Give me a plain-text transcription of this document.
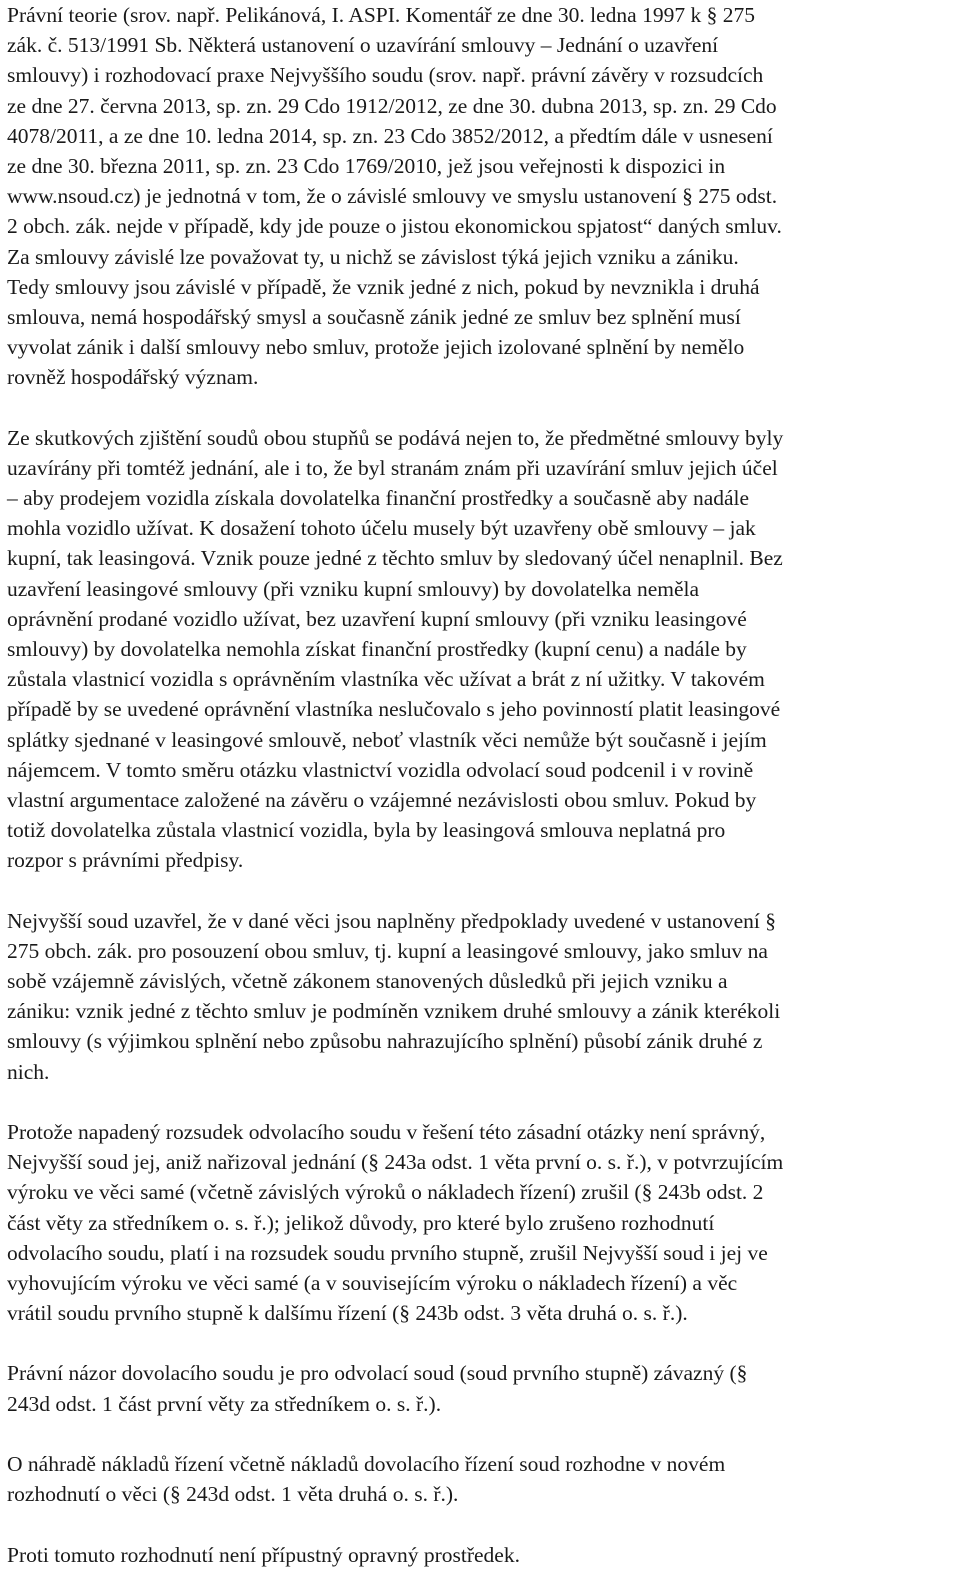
Právní teorie (srov. např. Pelikánová, I. ASPI. Komentář ze dne 30. ledna 1997 k § 275
zák. č. 513/1991 Sb. Některá ustanovení o uzavírání smlouvy – Jednání o uzavření
smlouvy) i rozhodovací praxe Nejvyššího soudu (srov. např. právní závěry v rozsudcích
ze dne 27. června 2013, sp. zn. 29 Cdo 1912/2012, ze dne 30. dubna 2013, sp. zn. 29 Cdo
4078/2011, a ze dne 10. ledna 2014, sp. zn. 23 Cdo 3852/2012, a předtím dále v usnesení
ze dne 30. března 2011, sp. zn. 23 Cdo 1769/2010, jež jsou veřejnosti k dispozici in
www.nsoud.cz) je jednotná v tom, že o závislé smlouvy ve smyslu ustanovení § 275 odst.
2 obch. zák. nejde v případě, kdy jde pouze o jistou ekonomickou spjatost“ daných smluv.
Za smlouvy závislé lze považovat ty, u nichž se závislost týká jejich vzniku a zániku.
Tedy smlouvy jsou závislé v případě, že vznik jedné z nich, pokud by nevznikla i druhá
smlouva, nemá hospodářský smysl a současně zánik jedné ze smluv bez splnění musí
vyvolat zánik i další smlouvy nebo smluv, protože jejich izolované splnění by nemělo
rovněž hospodářský význam.
Ze skutkových zjištění soudů obou stupňů se podává nejen to, že předmětné smlouvy byly
uzavírány při tomtéž jednání, ale i to, že byl stranám znám při uzavírání smluv jejich účel
– aby prodejem vozidla získala dovolatelka finanční prostředky a současně aby nadále
mohla vozidlo užívat. K dosažení tohoto účelu musely být uzavřeny obě smlouvy – jak
kupní, tak leasingová. Vznik pouze jedné z těchto smluv by sledovaný účel nenaplnil. Bez
uzavření leasingové smlouvy (při vzniku kupní smlouvy) by dovolatelka neměla
oprávnění prodané vozidlo užívat, bez uzavření kupní smlouvy (při vzniku leasingové
smlouvy) by dovolatelka nemohla získat finanční prostředky (kupní cenu) a nadále by
zůstala vlastnicí vozidla s oprávněním vlastníka věc užívat a brát z ní užitky. V takovém
případě by se uvedené oprávnění vlastníka neslučovalo s jeho povinností platit leasingové
splátky sjednané v leasingové smlouvě, neboť vlastník věci nemůže být současně i jejím
nájemcem. V tomto směru otázku vlastnictví vozidla odvolací soud podcenil i v rovině
vlastní argumentace založené na závěru o vzájemné nezávislosti obou smluv. Pokud by
totiž dovolatelka zůstala vlastnicí vozidla, byla by leasingová smlouva neplatná pro
rozpor s právními předpisy.
Nejvyšší soud uzavřel, že v dané věci jsou naplněny předpoklady uvedené v ustanovení §
275 obch. zák. pro posouzení obou smluv, tj. kupní a leasingové smlouvy, jako smluv na
sobě vzájemně závislých, včetně zákonem stanovených důsledků při jejich vzniku a
zániku: vznik jedné z těchto smluv je podmíněn vznikem druhé smlouvy a zánik kterékoli
smlouvy (s výjimkou splnění nebo způsobu nahrazujícího splnění) působí zánik druhé z
nich.
Protože napadený rozsudek odvolacího soudu v řešení této zásadní otázky není správný,
Nejvyšší soud jej, aniž nařizoval jednání (§ 243a odst. 1 věta první o. s. ř.), v potvrzujícím
výroku ve věci samé (včetně závislých výroků o nákladech řízení) zrušil (§ 243b odst. 2
část věty za středníkem o. s. ř.); jelikož důvody, pro které bylo zrušeno rozhodnutí
odvolacího soudu, platí i na rozsudek soudu prvního stupně, zrušil Nejvyšší soud i jej ve
vyhovujícím výroku ve věci samé (a v souvisejícím výroku o nákladech řízení) a věc
vrátil soudu prvního stupně k dalšímu řízení (§ 243b odst. 3 věta druhá o. s. ř.).
Právní názor dovolacího soudu je pro odvolací soud (soud prvního stupně) závazný (§
243d odst. 1 část první věty za středníkem o. s. ř.).
O náhradě nákladů řízení včetně nákladů dovolacího řízení soud rozhodne v novém
rozhodnutí o věci (§ 243d odst. 1 věta druhá o. s. ř.).
Proti tomuto rozhodnutí není přípustný opravný prostředek.
